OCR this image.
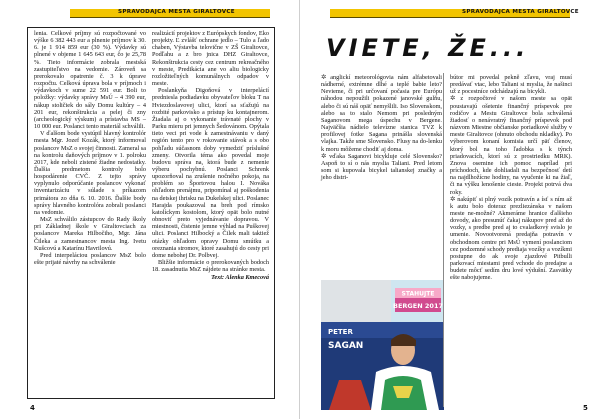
SPRAVODAJCA MESTA GIRALTOVCE

lenia. Celkové príjmy sú rozpočtované vo výške 6 382 443 eur a plnenie príjmov k 30. 6. je 1 914 859 eur (30 %). Výdavky sú plnené v objeme 1 645 643 eur, čo je 25,78 %. Tieto informácie zobrala mestská zastupiteľstvo na vedomie. Zároveň sa prerokovalo opatrenie č. 3 k úprave rozpočtu. Celková úprava bola v príjmoch i výdavkoch v sume 22 591 eur. Boli to položky: výdavky správy MsÚ – 4 390 eur, nákup stoličiek do sály Domu kultúry – 4 201 eur, rekonštrukcia a pelej či zny (archeologický výskum) a prístavba MS – 10 000 eur. Poslanci tento materiál schválili.

V ďalšom bode vystúpil hlavný kontrolór mesta Mgr. Jozef Kozák, ktorý informoval poslancov MsZ o svojej činnosti. Zameral sa na kontrolu daňových príjmov v 1. polroku 2017, kde neboli zistené žiadne nedostatky. Ďalšia predmetom kontroly bolo hospodárenie CVČ. Z tejto správy vyplynulo odporúčanie poslancov vykonať inventarizáciu v súlade s príkazom primátora zo dňa 6. 10. 2016. Ďalšie body správy hlavného kontrolóra zobrali poslanci na vedomie.

MsZ schválilo zástupcov do Rady školy pri Základnej škole v Giraltovciach za poslancov Mareka Hilbočiho, Mgr. Jána Čileka a zamestnancov mesta Ing. Ivetu Kušcovú a Katarínu Havrilovú.

Pred interpeláciou poslancov MsZ bolo ešte prijaté návrhy na schválenie

realizácií projektov z Európskych fondov, Eko projekty. Ľ zvlášť ochrane jedlo – Tulo a ľado chaben, Výstavba telovične v ZŠ Giraltovce, Podľahu a z bro jnica DHZ Giraltovce, Rekonštrukcia cesty cez centrum rekreačného v meste, Predikácia ane vo aliu biologicky rozložiteľných komunálnych odpadov v meste.

Poslankyňa Digoňová v interpelácií predniesla podiadavku obyvateľov bloku T na Hviezdoslavovej ulici, ktorí sa sťažujú na rozbité parkovisko a prístup ku kontajnerom. Žiadala aj o vykonanie trávnaté plochy v Parku mieru pri jemnych Šedovánom. Opýtala tieto veci pri vode k zamestnávaniu v daný región tento pro v rokovanie stávok a s obo pohľadu súčasnom doby vymedziť príslušné zmeny. Otvorila téma ako povedal moje budovu správa na, ktorá bude z nemenie výberu pochybnú. Poslanci Schrenk upozorňoval na zrušenie nočného pokoja, na problém so Športovou halou I. Nováka ohľadom prenájmu, pripomínal aj poškodenia na detskej ihrisku na Dukelskej ulici. Poslanec Harajda poukazoval na breh pod rímsko katolíckym kostolom, ktorý opät bolo nutné obnoviť preto vyjednávanie dopravou. V miestnosti, čistenie jemne výhlad na Puškovej ulici. Poslanci Hilbocký a Čilek mali taktiež otázky ohľadom opravy Domu smútku a oreznania stromov, ktoré zasahujú do cesty pri dome nebohej Dr. Polbvej.

Bližšie informácie o prerokovaných bodoch 18. zasadnutia MsZ nájdete na stránke mesta.

Text: Alenka Kmecová

4
SPRAVODAJCA MESTA GIRALTOVCE
5
VIETE, ŽE...

✲ anglickí meteorológovia nám alfabetovali nádherné, extrémne dlhé a teplé babie leto? Nevieme, či pri určovaní počasia pre Európu náhodou nepoužili pokazené janovské gulňu, alebo či sú náš opäť nemyšlili. Iso Slovenskom, alebo sa to stalo Nemom pri posledným Saganovom mega úspechu v Bergene. Najväčšia nádielo televízne stanica TVZ k profilovej fotke Sagana prinášla slovenská vlajka. Takže sme Slovensko. Flusy na do-lenku k moru môžeme chodiť aj doma.

✲ vďaka Saganovi bicykluje celé Slovensko? Aspoň to sí o nás myslia Taliani. Pred letom som si kupovala bicykel talianskej značky a jeho distri-

STAHUJTE
BERGEN 2017
PETER
SAGAN

bútor mi povedal pekně zľavu, vraj musí predávať vtac, lebo Taliani si myslia, že našinci už z pocestníce odchádzajú na bicykli.

✲ z rozpočtové v našom meste sa opät poustavajú ošetenie finančný príspevok pre rodičov a Mestu Giraltovce bola schválená žiadosť o nenávratný finančný príspevok pod názvom Miestne občianske poriadkové služby v meste Giraltovce (ohnuto obchodu nkladky). Po výberovom konaní komisia určí päť členov, ktorý bol na toho ľadobka s k týnch priadovacích, ktorí sú z prostriedku MRK). Znova osemine ich pomoc naprílad pri príchodoch, kde dohliadali na bezpečnosť detí na najdlhožícne hodiny, na vyučenie ki na žiaľ, či na výšku lenošenie cieste. Projekt potrvá dva roky.

✲ nakúpiť si plný vozík potravín a ísť s ním až k autu bolo doteraz prezliezánska v našom meste ne-možné? Akmeráme hranice ďalšieho dovody, ako presunúť čakaj nákupov pred až do vozky, s predbe pred aj to cvaladkový svislo je umenie. Novootvorená predajňa potravín v obchodnom centre pri MsÚ vymení poslanciom cez podzemné schody prediaja vozíky a vozíkmi postupne do ak svoje zjazdové Pitbulli parkovací miestami pred vchode do predajne a budete môcť sedím dru lové výdušní. Zasvätky ešte nabojujeme.
